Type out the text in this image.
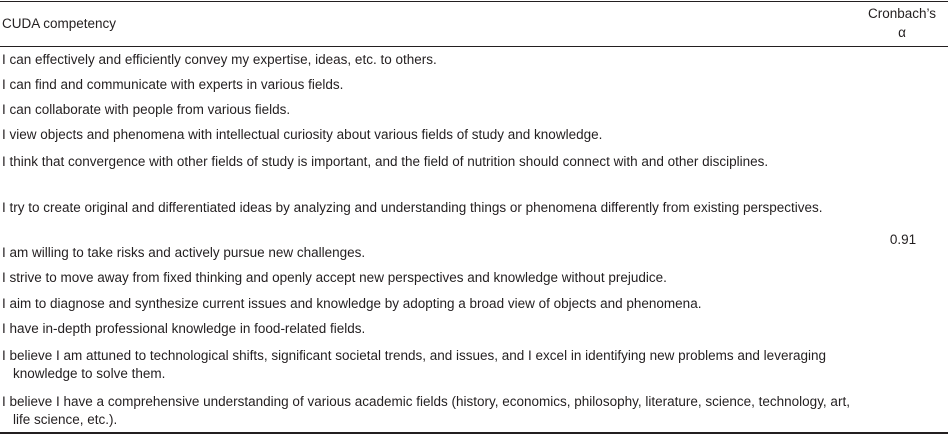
CUDA competency
Cronbach’s
α
I can effectively and efficiently convey my expertise, ideas, etc. to others.
I can find and communicate with experts in various fields.
I can collaborate with people from various fields.
I view objects and phenomena with intellectual curiosity about various fields of study and knowledge.
I think that convergence with other fields of study is important, and the field of nutrition should connect with and other disciplines.
I try to create original and differentiated ideas by analyzing and understanding things or phenomena differently from existing perspectives.
I am willing to take risks and actively pursue new challenges.
I strive to move away from fixed thinking and openly accept new perspectives and knowledge without prejudice.
I aim to diagnose and synthesize current issues and knowledge by adopting a broad view of objects and phenomena.
I have in-depth professional knowledge in food-related fields.
I believe I am attuned to technological shifts, significant societal trends, and issues, and I excel in identifying new problems and leveraging knowledge to solve them.
I believe I have a comprehensive understanding of various academic fields (history, economics, philosophy, literature, science, technology, art, life science, etc.).
0.91
